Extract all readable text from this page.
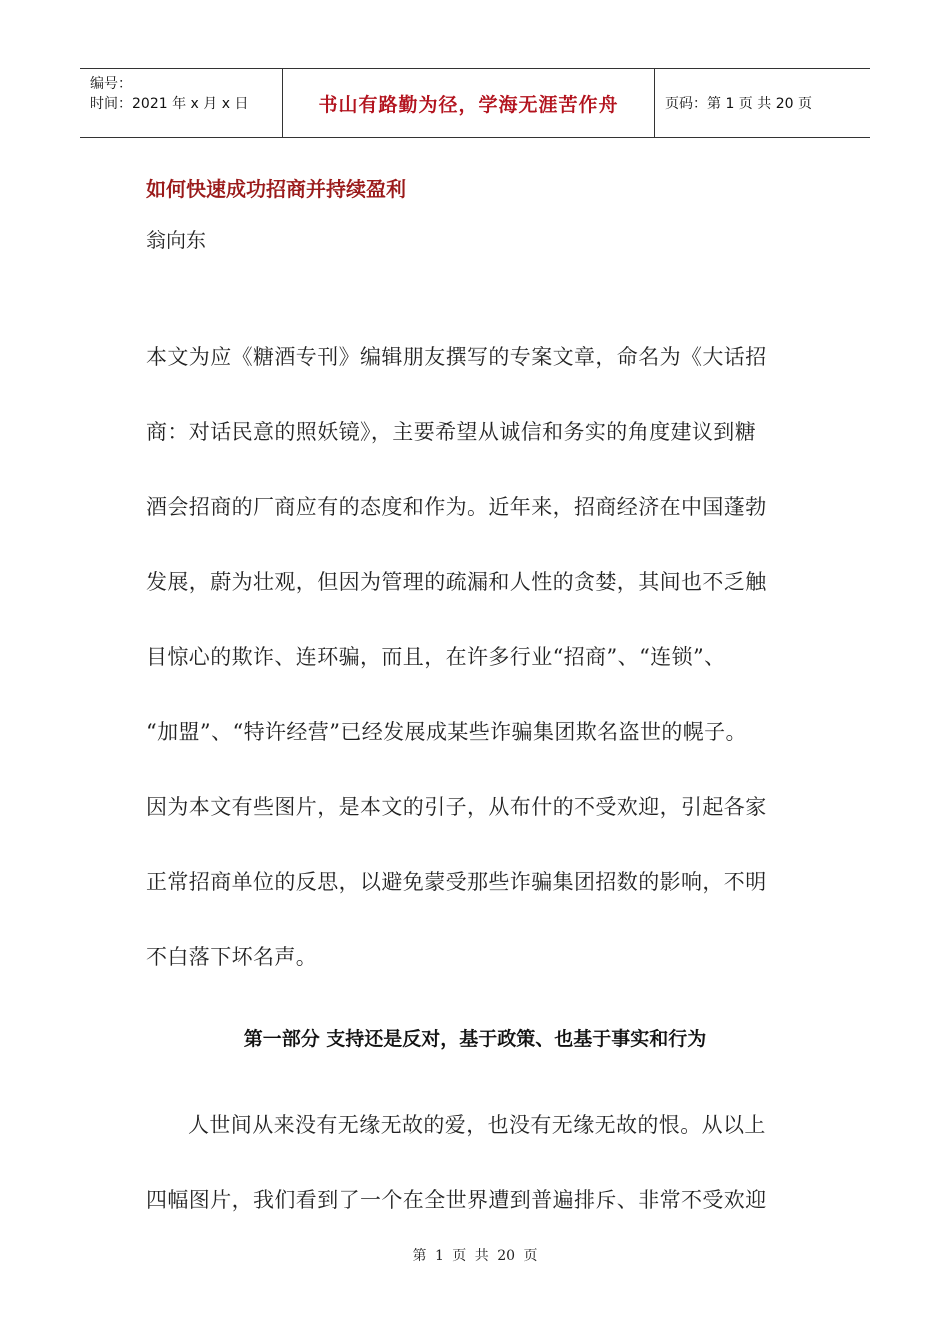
编号：
时间：2021 年 x 月 x 日	书山有路勤为径，学海无涯苦作舟	页码：第 1 页 共 20 页
如何快速成功招商并持续盈利
翁向东
本文为应《糖酒专刊》编辑朋友撰写的专案文章，命名为《大话招
商：对话民意的照妖镜》，主要希望从诚信和务实的角度建议到糖
酒会招商的厂商应有的态度和作为。近年来，招商经济在中国蓬勃
发展，蔚为壮观，但因为管理的疏漏和人性的贪婪，其间也不乏触
目惊心的欺诈、连环骗，而且，在许多行业“招商”、“连锁”、
“加盟”、“特许经营”已经发展成某些诈骗集团欺名盗世的幌子。
因为本文有些图片，是本文的引子，从布什的不受欢迎，引起各家
正常招商单位的反思，以避免蒙受那些诈骗集团招数的影响，不明
不白落下坏名声。
第一部分 支持还是反对，基于政策、也基于事实和行为
人世间从来没有无缘无故的爱，也没有无缘无故的恨。从以上
四幅图片，我们看到了一个在全世界遭到普遍排斥、非常不受欢迎
第 1 页 共 20 页
